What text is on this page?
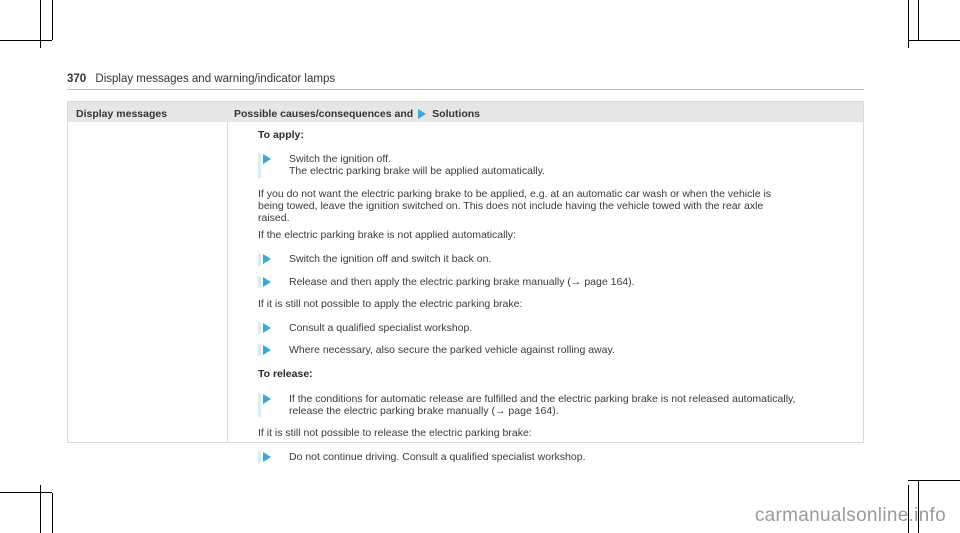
370 Display messages and warning/indicator lamps
Display messages	Possible causes/consequences and Solutions

To apply:

Switch the ignition off.

The electric parking brake will be applied automatically.

If you do not want the electric parking brake to be applied, e.g. at an automatic car wash or when the vehicle is

being towed, leave the ignition switched on. This does not include having the vehicle towed with the rear axle

raised.

If the electric parking brake is not applied automatically:

Switch the ignition off and switch it back on.

Release and then apply the electric parking brake manually (→ page 164).

If it is still not possible to apply the electric parking brake:

Consult a qualified specialist workshop.

Where necessary, also secure the parked vehicle against rolling away.

To release:

If the conditions for automatic release are fulfilled and the electric parking brake is not released automatically,

release the electric parking brake manually (→ page 164).

If it is still not possible to release the electric parking brake:

Do not continue driving. Consult a qualified specialist workshop.

carmanualsonline.info
